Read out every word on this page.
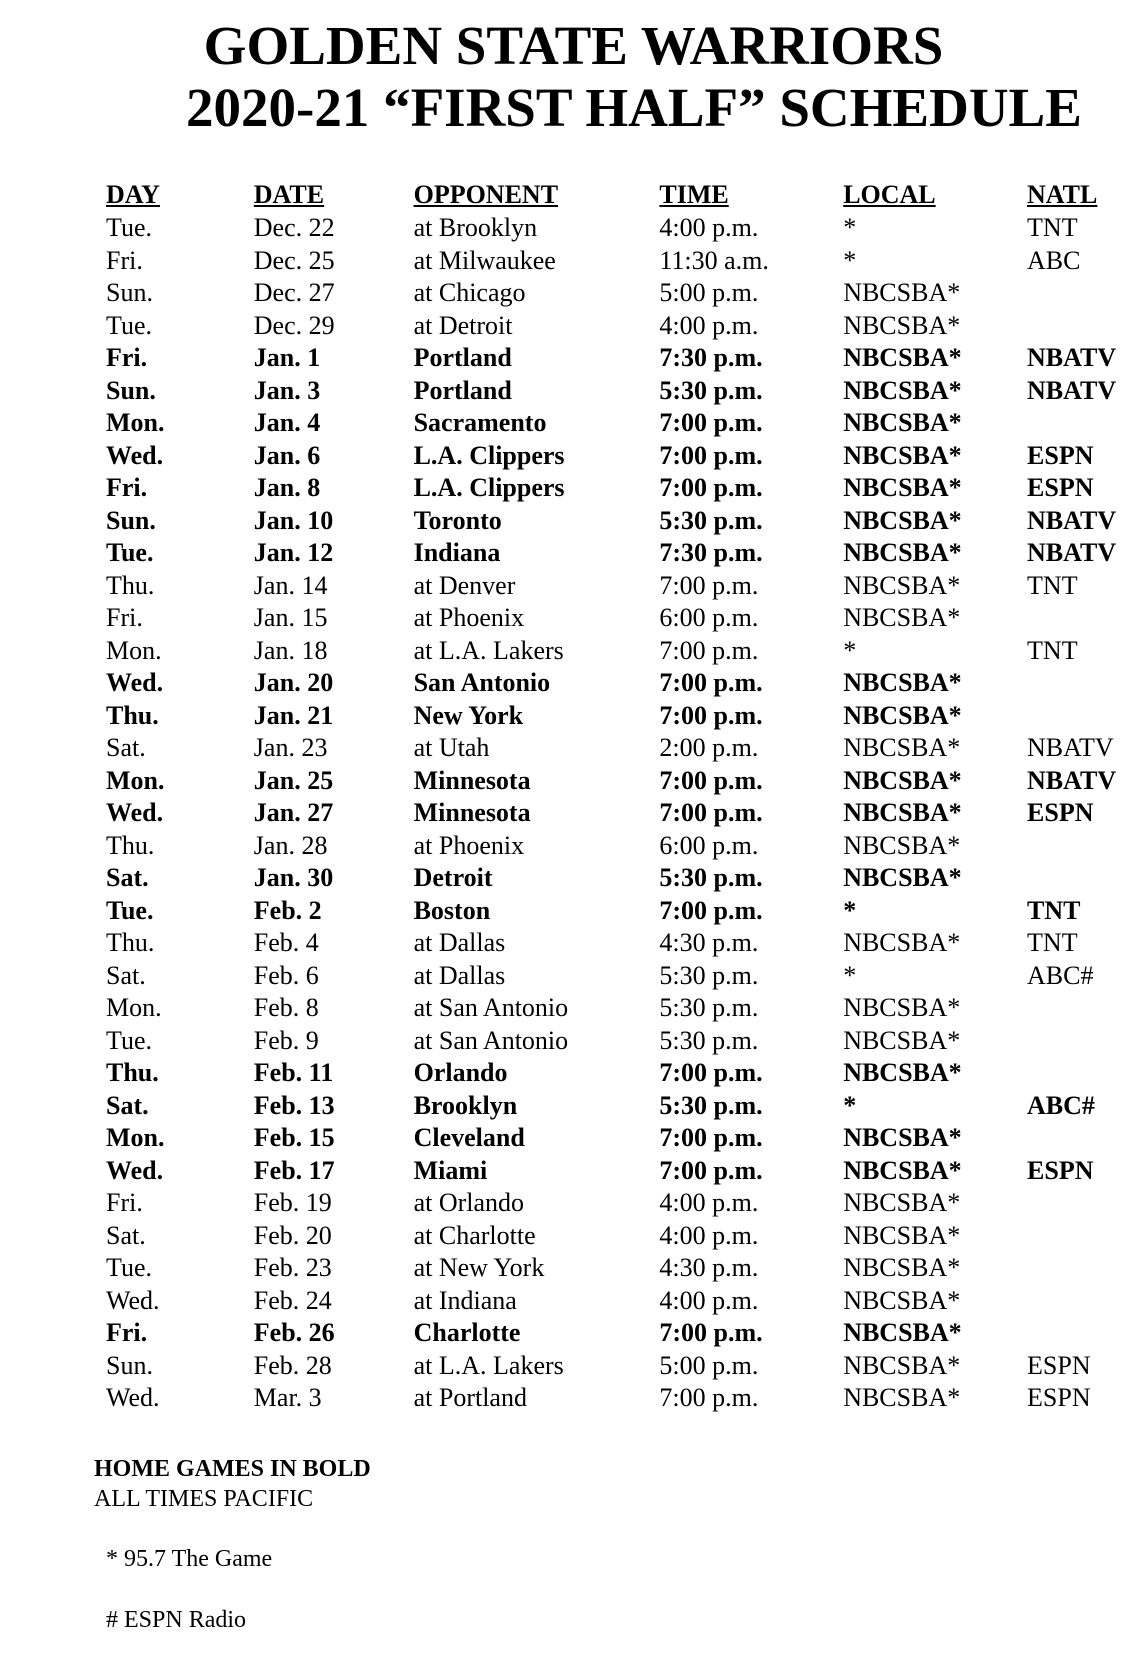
GOLDEN STATE WARRIORS
2020-21 “FIRST HALF” SCHEDULE
DAY	DATE	OPPONENT	TIME	LOCAL	NATL
Tue.	Dec. 22	at Brooklyn	4:00 p.m.	*	TNT
Fri.	Dec. 25	at Milwaukee	11:30 a.m.	*	ABC
Sun.	Dec. 27	at Chicago	5:00 p.m.	NBCSBA*	
Tue.	Dec. 29	at Detroit	4:00 p.m.	NBCSBA*	
Fri.	Jan. 1	Portland	7:30 p.m.	NBCSBA*	NBATV
Sun.	Jan. 3	Portland	5:30 p.m.	NBCSBA*	NBATV
Mon.	Jan. 4	Sacramento	7:00 p.m.	NBCSBA*	
Wed.	Jan. 6	L.A. Clippers	7:00 p.m.	NBCSBA*	ESPN
Fri.	Jan. 8	L.A. Clippers	7:00 p.m.	NBCSBA*	ESPN
Sun.	Jan. 10	Toronto	5:30 p.m.	NBCSBA*	NBATV
Tue.	Jan. 12	Indiana	7:30 p.m.	NBCSBA*	NBATV
Thu.	Jan. 14	at Denver	7:00 p.m.	NBCSBA*	TNT
Fri.	Jan. 15	at Phoenix	6:00 p.m.	NBCSBA*	
Mon.	Jan. 18	at L.A. Lakers	7:00 p.m.	*	TNT
Wed.	Jan. 20	San Antonio	7:00 p.m.	NBCSBA*	
Thu.	Jan. 21	New York	7:00 p.m.	NBCSBA*	
Sat.	Jan. 23	at Utah	2:00 p.m.	NBCSBA*	NBATV
Mon.	Jan. 25	Minnesota	7:00 p.m.	NBCSBA*	NBATV
Wed.	Jan. 27	Minnesota	7:00 p.m.	NBCSBA*	ESPN
Thu.	Jan. 28	at Phoenix	6:00 p.m.	NBCSBA*	
Sat.	Jan. 30	Detroit	5:30 p.m.	NBCSBA*	
Tue.	Feb. 2	Boston	7:00 p.m.	*	TNT
Thu.	Feb. 4	at Dallas	4:30 p.m.	NBCSBA*	TNT
Sat.	Feb. 6	at Dallas	5:30 p.m.	*	ABC#
Mon.	Feb. 8	at San Antonio	5:30 p.m.	NBCSBA*	
Tue.	Feb. 9	at San Antonio	5:30 p.m.	NBCSBA*	
Thu.	Feb. 11	Orlando	7:00 p.m.	NBCSBA*	
Sat.	Feb. 13	Brooklyn	5:30 p.m.	*	ABC#
Mon.	Feb. 15	Cleveland	7:00 p.m.	NBCSBA*	
Wed.	Feb. 17	Miami	7:00 p.m.	NBCSBA*	ESPN
Fri.	Feb. 19	at Orlando	4:00 p.m.	NBCSBA*	
Sat.	Feb. 20	at Charlotte	4:00 p.m.	NBCSBA*	
Tue.	Feb. 23	at New York	4:30 p.m.	NBCSBA*	
Wed.	Feb. 24	at Indiana	4:00 p.m.	NBCSBA*	
Fri.	Feb. 26	Charlotte	7:00 p.m.	NBCSBA*	
Sun.	Feb. 28	at L.A. Lakers	5:00 p.m.	NBCSBA*	ESPN
Wed.	Mar. 3	at Portland	7:00 p.m.	NBCSBA*	ESPN

HOME GAMES IN BOLD

ALL TIMES PACIFIC

* 95.7 The Game

# ESPN Radio
